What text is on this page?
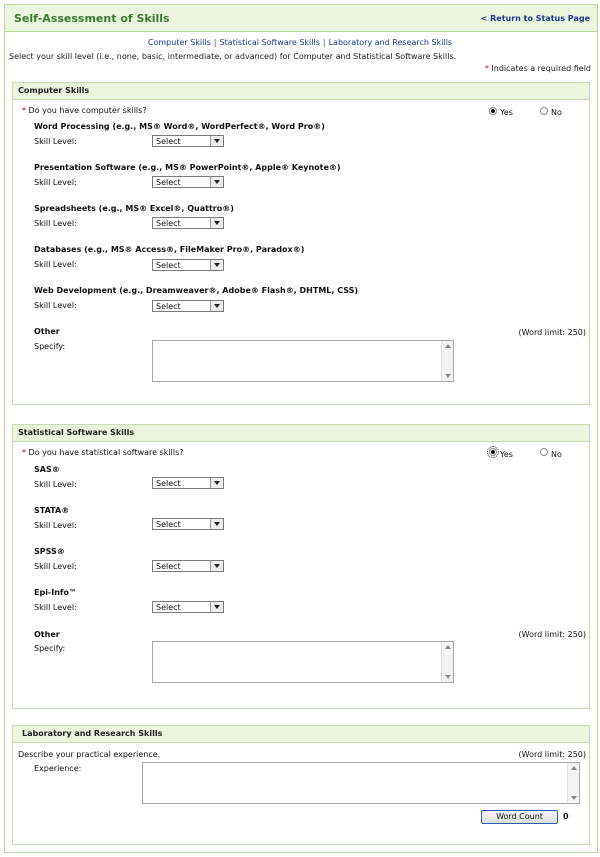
Self-Assessment of Skills	< Return to Status Page
Computer Skills | Statistical Software Skills | Laboratory and Research Skills
Select your skill level (i.e., none, basic, intermediate, or advanced) for Computer and Statistical Software Skills.
* Indicates a required field
Computer Skills
* Do you have computer skills?	Yes	No
Word Processing (e.g., MS® Word®, WordPerfect®, Word Pro®)
Skill Level:	Select
Presentation Software (e.g., MS® PowerPoint®, Apple® Keynote®)
Skill Level:	Select
Spreadsheets (e.g., MS® Excel®, Quattro®)
Skill Level:	Select
Databases (e.g., MS® Access®, FileMaker Pro®, Paradox®)
Skill Level:	Select
Web Development (e.g., Dreamweaver®, Adobe® Flash®, DHTML, CSS)
Skill Level:	Select
Other	(Word limit: 250)
Specify:
Statistical Software Skills
* Do you have statistical software skills?	Yes	No
SAS®
Skill Level:	Select
STATA®
Skill Level:	Select
SPSS®
Skill Level:	Select
Epi-Info™
Skill Level:	Select
Other	(Word limit: 250)
Specify:
Laboratory and Research Skills
Describe your practical experience.	(Word limit: 250)
Experience:
Word Count	0
